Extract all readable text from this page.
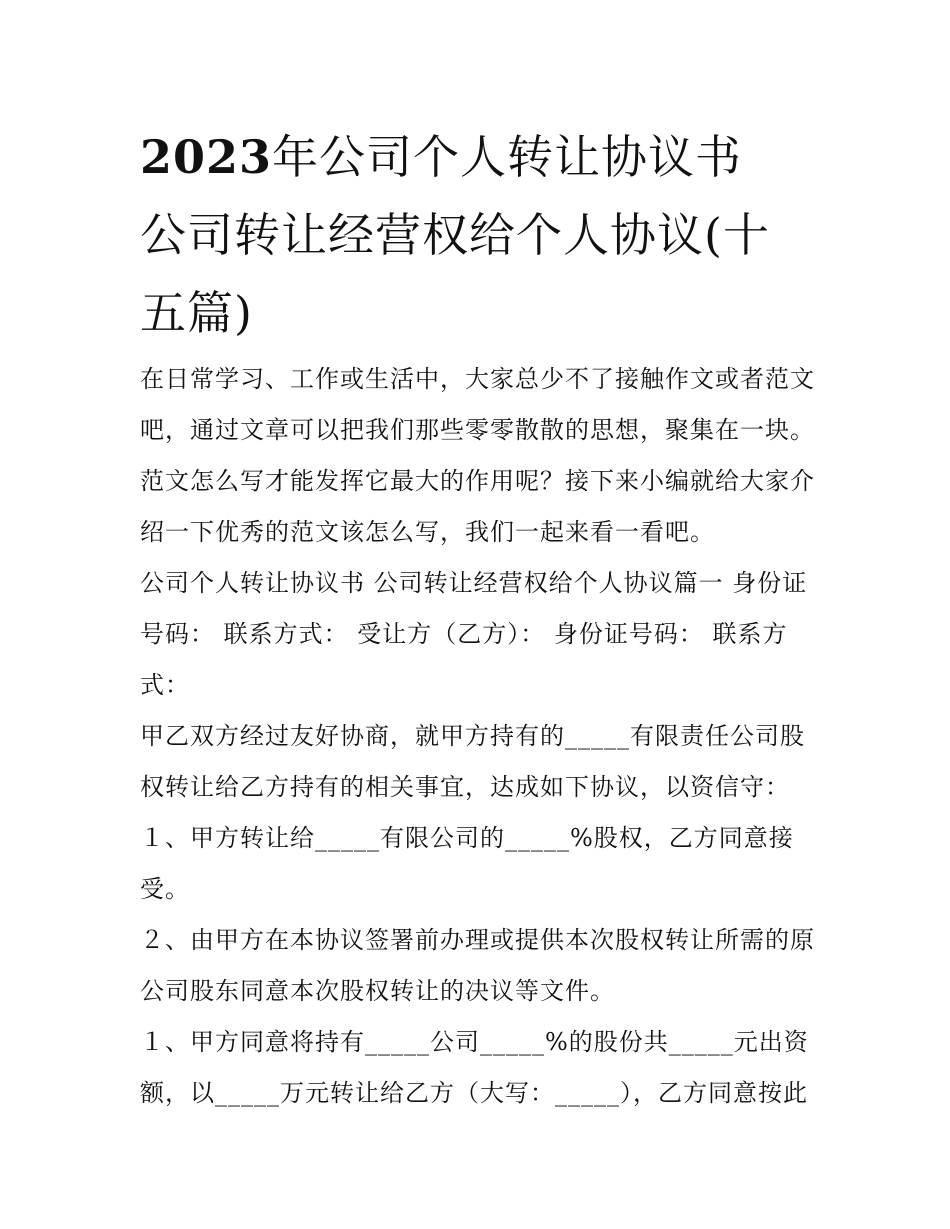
2023年公司个人转让协议书
公司转让经营权给个人协议(十
五篇)
在日常学习、工作或生活中，大家总少不了接触作文或者范文
吧，通过文章可以把我们那些零零散散的思想，聚集在一块。
范文怎么写才能发挥它最大的作用呢？接下来小编就给大家介
绍一下优秀的范文该怎么写，我们一起来看一看吧。
公司个人转让协议书 公司转让经营权给个人协议篇一 身份证
号码： 联系方式： 受让方（乙方）： 身份证号码： 联系方
式：
甲乙双方经过友好协商，就甲方持有的_____有限责任公司股
权转让给乙方持有的相关事宜，达成如下协议，以资信守：
１、甲方转让给_____有限公司的_____%股权，乙方同意接
受。
２、由甲方在本协议签署前办理或提供本次股权转让所需的原
公司股东同意本次股权转让的决议等文件。
１、甲方同意将持有_____公司_____%的股份共_____元出资
额，以_____万元转让给乙方（大写：_____），乙方同意按此
